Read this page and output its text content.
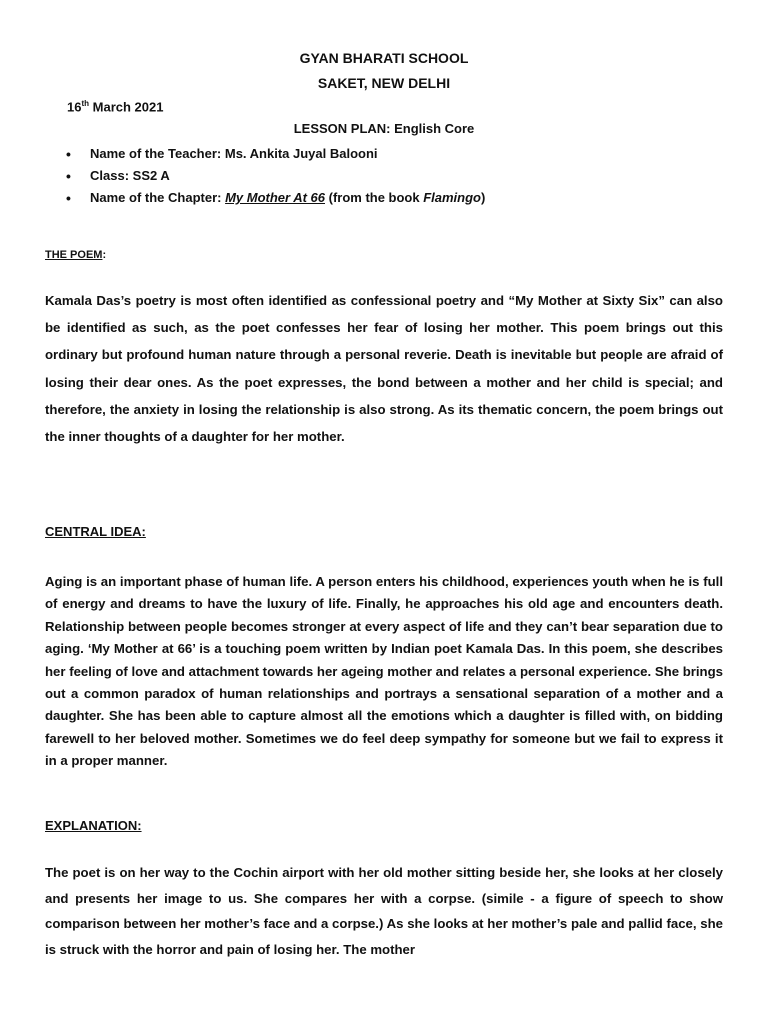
GYAN BHARATI SCHOOL
SAKET, NEW DELHI
16th March 2021
LESSON PLAN: English Core
• Name of the Teacher: Ms. Ankita Juyal Balooni
• Class: SS2 A
• Name of the Chapter: My Mother At 66 (from the book Flamingo)
THE POEM:

Kamala Das’s poetry is most often identified as confessional poetry and “My Mother at Sixty Six” can also be identified as such, as the poet confesses her fear of losing her mother. This poem brings out this ordinary but profound human nature through a personal reverie. Death is inevitable but people are afraid of losing their dear ones. As the poet expresses, the bond between a mother and her child is special; and therefore, the anxiety in losing the relationship is also strong. As its thematic concern, the poem brings out the inner thoughts of a daughter for her mother.

CENTRAL IDEA:

Aging is an important phase of human life. A person enters his childhood, experiences youth when he is full of energy and dreams to have the luxury of life. Finally, he approaches his old age and encounters death. Relationship between people becomes stronger at every aspect of life and they can’t bear separation due to aging. ‘My Mother at 66’ is a touching poem written by Indian poet Kamala Das. In this poem, she describes her feeling of love and attachment towards her ageing mother and relates a personal experience. She brings out a common paradox of human relationships and portrays a sensational separation of a mother and a daughter. She has been able to capture almost all the emotions which a daughter is filled with, on bidding farewell to her beloved mother. Sometimes we do feel deep sympathy for someone but we fail to express it in a proper manner.

EXPLANATION:

The poet is on her way to the Cochin airport with her old mother sitting beside her, she looks at her closely and presents her image to us. She compares her with a corpse. (simile - a figure of speech to show comparison between her mother’s face and a corpse.) As she looks at her mother’s pale and pallid face, she is struck with the horror and pain of losing her. The mother
